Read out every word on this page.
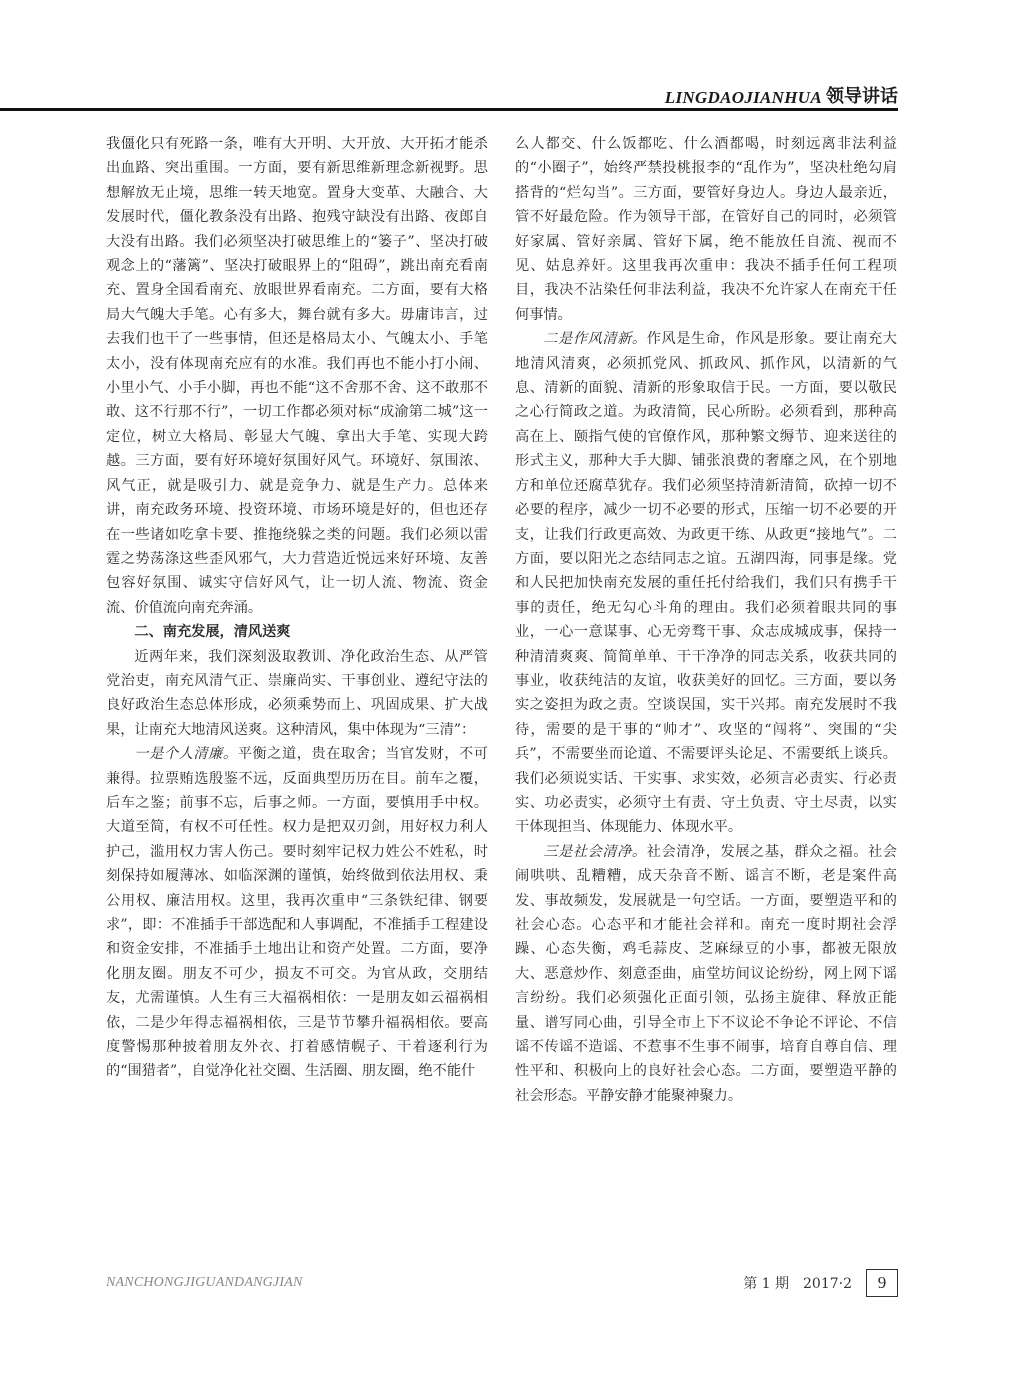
LINGDAOJIANHUA 领导讲话

我僵化只有死路一条，唯有大开明、大开放、大开拓才能杀出血路、突出重围。一方面，要有新思维新理念新视野。思想解放无止境，思维一转天地宽。置身大变革、大融合、大发展时代，僵化教条没有出路、抱残守缺没有出路、夜郎自大没有出路。我们必须坚决打破思维上的“篓子”、坚决打破观念上的“藩篱”、坚决打破眼界上的“阻碍”，跳出南充看南充、置身全国看南充、放眼世界看南充。二方面，要有大格局大气魄大手笔。心有多大，舞台就有多大。毋庸讳言，过去我们也干了一些事情，但还是格局太小、气魄太小、手笔太小，没有体现南充应有的水准。我们再也不能小打小闹、小里小气、小手小脚，再也不能“这不舍那不舍、这不敢那不敢、这不行那不行”，一切工作都必须对标“成渝第二城”这一定位，树立大格局、彰显大气魄、拿出大手笔、实现大跨越。三方面，要有好环境好氛围好风气。环境好、氛围浓、风气正，就是吸引力、就是竞争力、就是生产力。总体来讲，南充政务环境、投资环境、市场环境是好的，但也还存在一些诸如吃拿卡要、推拖绕躲之类的问题。我们必须以雷霆之势荡涤这些歪风邪气，大力营造近悦远来好环境、友善包容好氛围、诚实守信好风气，让一切人流、物流、资金流、价值流向南充奔涌。

二、南充发展，清风送爽

近两年来，我们深刻汲取教训、净化政治生态、从严管党治吏，南充风清气正、崇廉尚实、干事创业、遵纪守法的良好政治生态总体形成，必须乘势而上、巩固成果、扩大战果，让南充大地清风送爽。这种清风，集中体现为“三清”：

一是个人清廉。平衡之道，贵在取舍；当官发财，不可兼得。拉票贿选殷鉴不远，反面典型历历在目。前车之覆，后车之鉴；前事不忘，后事之师。一方面，要慎用手中权。大道至简，有权不可任性。权力是把双刃剑，用好权力利人护己，滥用权力害人伤己。要时刻牢记权力姓公不姓私，时刻保持如履薄冰、如临深渊的谨慎，始终做到依法用权、秉公用权、廉洁用权。这里，我再次重申“三条铁纪律、钢要求”，即：不准插手干部选配和人事调配，不准插手工程建设和资金安排，不准插手土地出让和资产处置。二方面，要净化朋友圈。朋友不可少，损友不可交。为官从政，交朋结友，尤需谨慎。人生有三大福祸相依：一是朋友如云福祸相依，二是少年得志福祸相依，三是节节攀升福祸相依。要高度警惕那种披着朋友外衣、打着感情幌子、干着逐利行为的“围猎者”，自觉净化社交圈、生活圈、朋友圈，绝不能什

么人都交、什么饭都吃、什么酒都喝，时刻远离非法利益的“小圈子”，始终严禁投桃报李的“乱作为”，坚决杜绝勾肩搭背的“烂勾当”。三方面，要管好身边人。身边人最亲近，管不好最危险。作为领导干部，在管好自己的同时，必须管好家属、管好亲属、管好下属，绝不能放任自流、视而不见、姑息养奸。这里我再次重申：我决不插手任何工程项目，我决不沾染任何非法利益，我决不允许家人在南充干任何事情。

二是作风清新。作风是生命，作风是形象。要让南充大地清风清爽，必须抓党风、抓政风、抓作风，以清新的气息、清新的面貌、清新的形象取信于民。一方面，要以敬民之心行简政之道。为政清简，民心所盼。必须看到，那种高高在上、颐指气使的官僚作风，那种繁文缛节、迎来送往的形式主义，那种大手大脚、铺张浪费的奢靡之风，在个别地方和单位还腐草犹存。我们必须坚持清新清简，砍掉一切不必要的程序，减少一切不必要的形式，压缩一切不必要的开支，让我们行政更高效、为政更干练、从政更“接地气”。二方面，要以阳光之态结同志之谊。五湖四海，同事是缘。党和人民把加快南充发展的重任托付给我们，我们只有携手干事的责任，绝无勾心斗角的理由。我们必须着眼共同的事业，一心一意谋事、心无旁骛干事、众志成城成事，保持一种清清爽爽、简简单单、干干净净的同志关系，收获共同的事业，收获纯洁的友谊，收获美好的回忆。三方面，要以务实之姿担为政之责。空谈误国，实干兴邦。南充发展时不我待，需要的是干事的“帅才”、攻坚的“闯将”、突围的“尖兵”，不需要坐而论道、不需要评头论足、不需要纸上谈兵。我们必须说实话、干实事、求实效，必须言必责实、行必责实、功必责实，必须守土有责、守土负责、守土尽责，以实干体现担当、体现能力、体现水平。

三是社会清净。社会清净，发展之基，群众之福。社会闹哄哄、乱糟糟，成天杂音不断、谣言不断，老是案件高发、事故频发，发展就是一句空话。一方面，要塑造平和的社会心态。心态平和才能社会祥和。南充一度时期社会浮躁、心态失衡，鸡毛蒜皮、芝麻绿豆的小事，都被无限放大、恶意炒作、刻意歪曲，庙堂坊间议论纷纷，网上网下谣言纷纷。我们必须强化正面引领，弘扬主旋律、释放正能量、谱写同心曲，引导全市上下不议论不争论不评论、不信谣不传谣不造谣、不惹事不生事不闹事，培育自尊自信、理性平和、积极向上的良好社会心态。二方面，要塑造平静的社会形态。平静安静才能聚神聚力。

NANCHONGJIGUANDANGJIAN	第 1 期　2017·2	9
